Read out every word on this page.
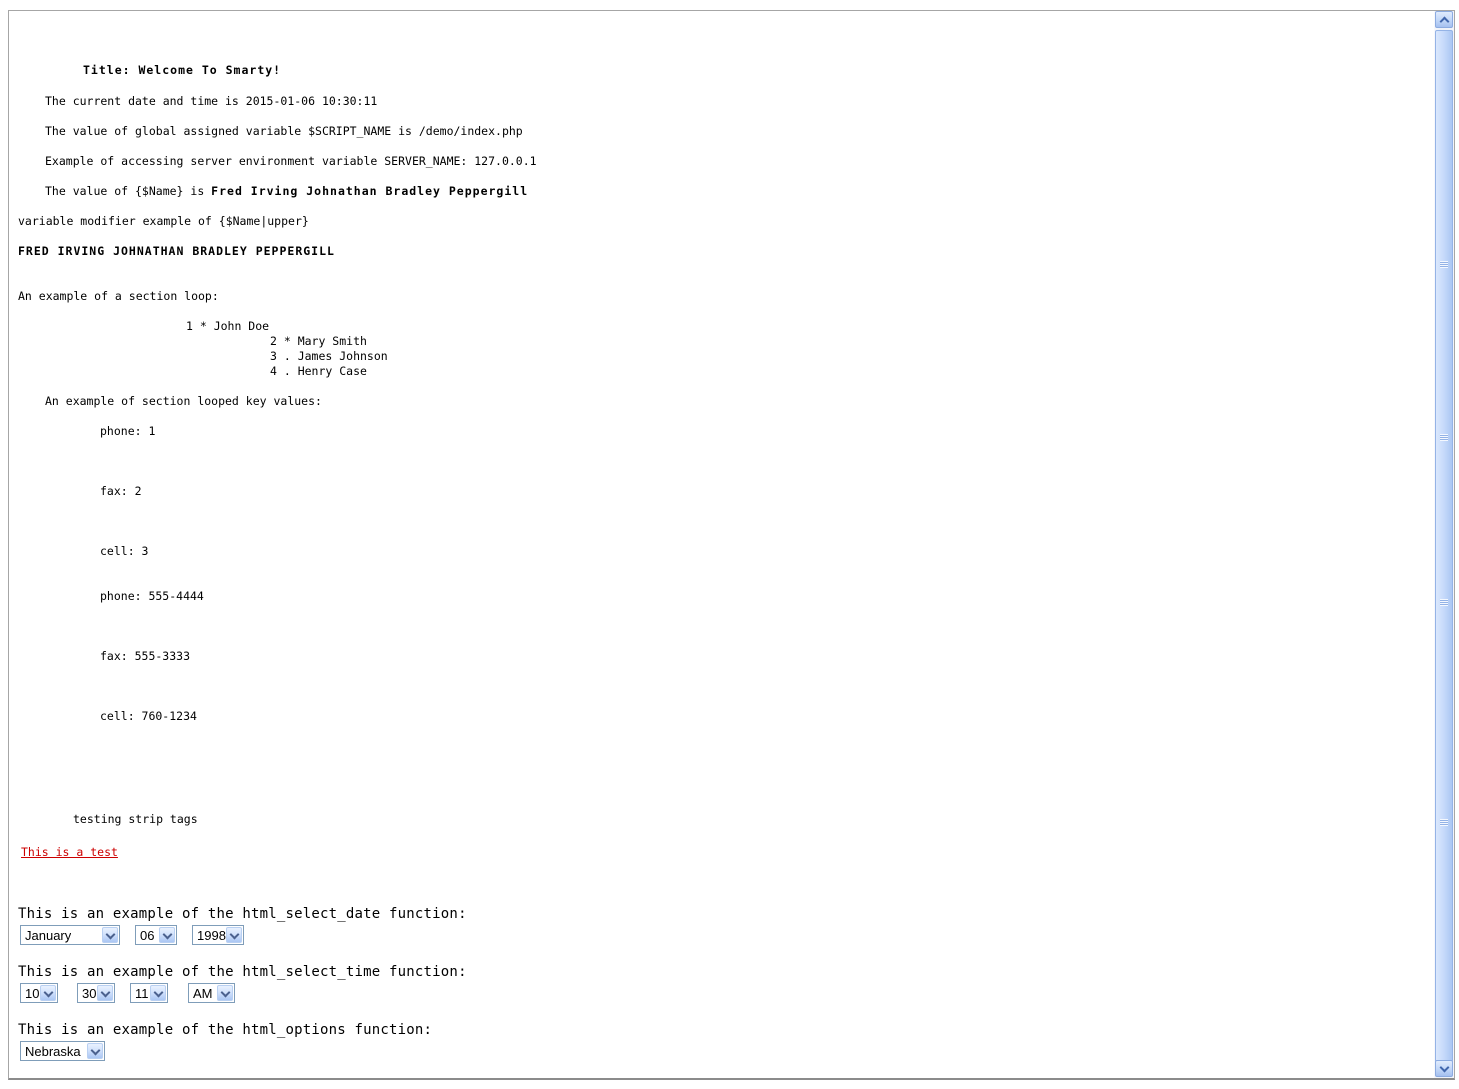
Title: Welcome To Smarty!
The current date and time is 2015-01-06 10:30:11
The value of global assigned variable $SCRIPT_NAME is /demo/index.php
Example of accessing server environment variable SERVER_NAME: 127.0.0.1
The value of {$Name} is Fred Irving Johnathan Bradley Peppergill
variable modifier example of {$Name|upper}
FRED IRVING JOHNATHAN BRADLEY PEPPERGILL
An example of a section loop:
1 * John Doe
2 * Mary Smith
3 . James Johnson
4 . Henry Case
An example of section looped key values:
phone: 1
fax: 2
cell: 3
phone: 555-4444
fax: 555-3333
cell: 760-1234
testing strip tags
This is a test
This is an example of the html_select_date function:
January	06	1998
This is an example of the html_select_time function:
10	30	11	AM
This is an example of the html_options function:
Nebraska
